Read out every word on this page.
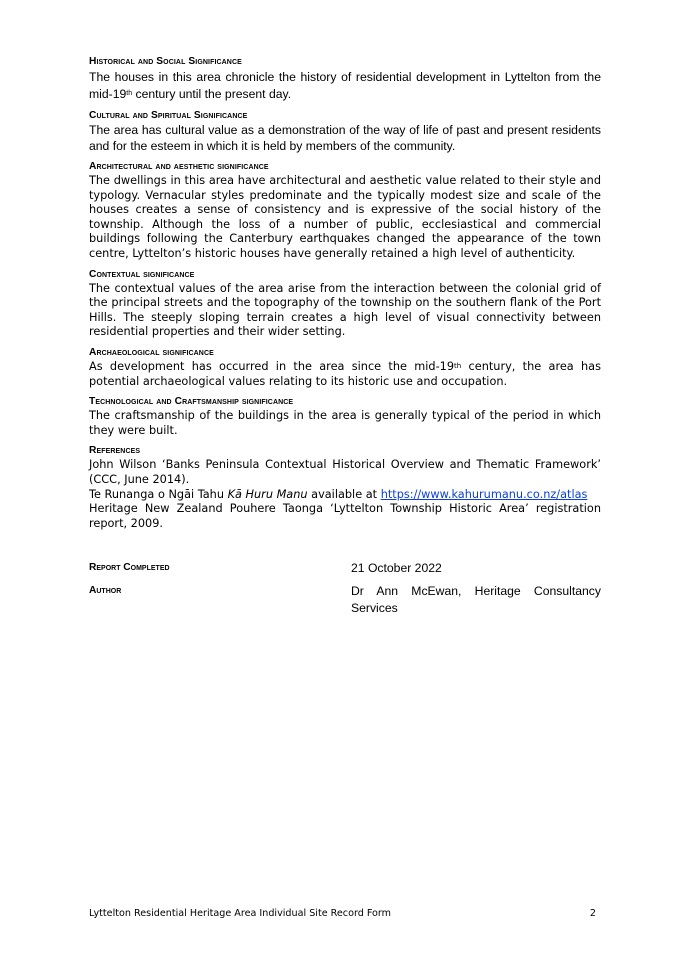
Historical and Social Significance
The houses in this area chronicle the history of residential development in Lyttelton from the mid-19th century until the present day.
Cultural and Spiritual Significance
The area has cultural value as a demonstration of the way of life of past and present residents and for the esteem in which it is held by members of the community.
Architectural and aesthetic significance
The dwellings in this area have architectural and aesthetic value related to their style and typology. Vernacular styles predominate and the typically modest size and scale of the houses creates a sense of consistency and is expressive of the social history of the township. Although the loss of a number of public, ecclesiastical and commercial buildings following the Canterbury earthquakes changed the appearance of the town centre, Lyttelton’s historic houses have generally retained a high level of authenticity.
Contextual significance
The contextual values of the area arise from the interaction between the colonial grid of the principal streets and the topography of the township on the southern flank of the Port Hills. The steeply sloping terrain creates a high level of visual connectivity between residential properties and their wider setting.
Archaeological significance
As development has occurred in the area since the mid-19th century, the area has potential archaeological values relating to its historic use and occupation.
Technological and Craftsmanship significance
The craftsmanship of the buildings in the area is generally typical of the period in which they were built.
References
John Wilson ‘Banks Peninsula Contextual Historical Overview and Thematic Framework’ (CCC, June 2014).
Te Runanga o Ngāi Tahu Kā Huru Manu available at https://www.kahurumanu.co.nz/atlas
Heritage New Zealand Pouhere Taonga ‘Lyttelton Township Historic Area’ registration report, 2009.
Report Completed	21 October 2022
Author	Dr Ann McEwan, Heritage Consultancy Services
Lyttelton Residential Heritage Area Individual Site Record Form	2
